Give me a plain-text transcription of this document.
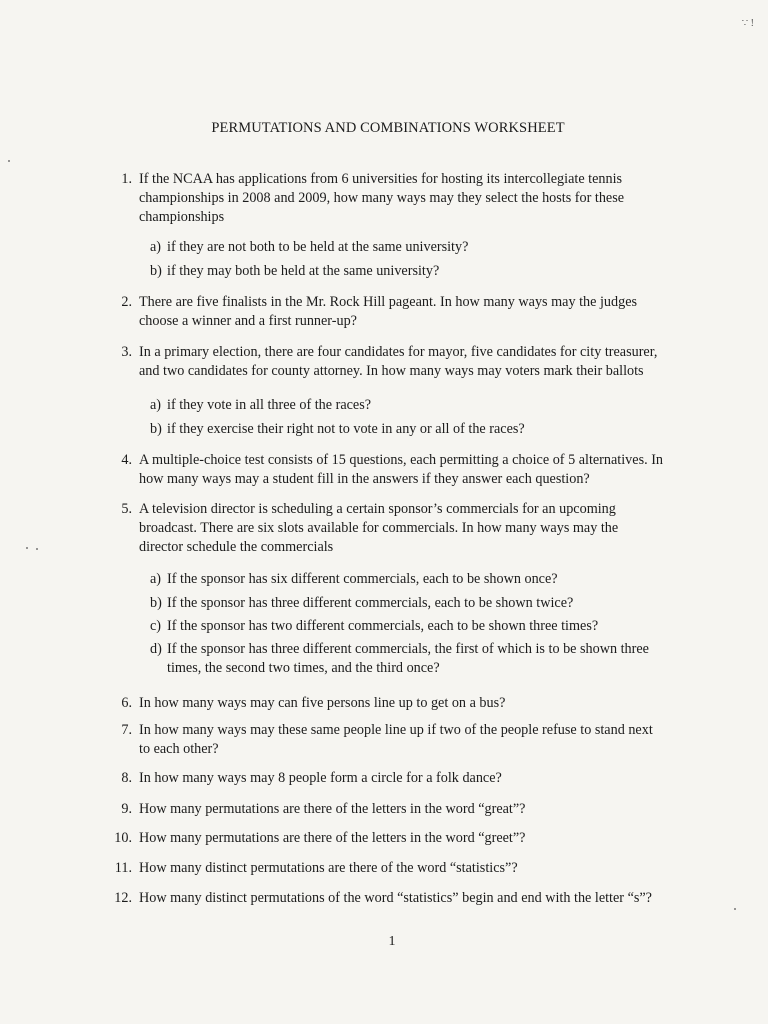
∵ !
PERMUTATIONS AND COMBINATIONS WORKSHEET
1. If the NCAA has applications from 6 universities for hosting its intercollegiate tennis championships in 2008 and 2009, how many ways may they select the hosts for these championships
a) if they are not both to be held at the same university?
b) if they may both be held at the same university?
2. There are five finalists in the Mr. Rock Hill pageant. In how many ways may the judges choose a winner and a first runner-up?
3. In a primary election, there are four candidates for mayor, five candidates for city treasurer, and two candidates for county attorney. In how many ways may voters mark their ballots
a) if they vote in all three of the races?
b) if they exercise their right not to vote in any or all of the races?
4. A multiple-choice test consists of 15 questions, each permitting a choice of 5 alternatives. In how many ways may a student fill in the answers if they answer each question?
5. A television director is scheduling a certain sponsor’s commercials for an upcoming broadcast. There are six slots available for commercials. In how many ways may the director schedule the commercials
a) If the sponsor has six different commercials, each to be shown once?
b) If the sponsor has three different commercials, each to be shown twice?
c) If the sponsor has two different commercials, each to be shown three times?
d) If the sponsor has three different commercials, the first of which is to be shown three times, the second two times, and the third once?
6. In how many ways may can five persons line up to get on a bus?
7. In how many ways may these same people line up if two of the people refuse to stand next to each other?
8. In how many ways may 8 people form a circle for a folk dance?
9. How many permutations are there of the letters in the word “great”?
10. How many permutations are there of the letters in the word “greet”?
11. How many distinct permutations are there of the word “statistics”?
12. How many distinct permutations of the word “statistics” begin and end with the letter “s”?
1
